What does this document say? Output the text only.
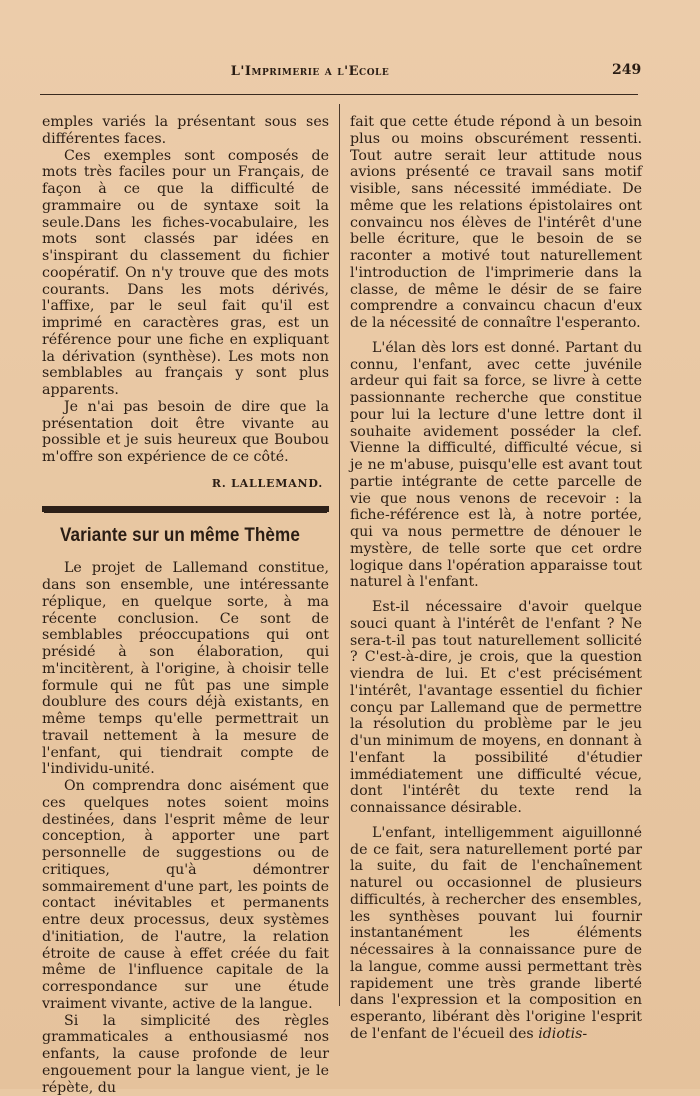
L'Imprimerie a l'Ecole	249

emples variés la présentant sous ses différentes faces.

Ces exemples sont composés de mots très faciles pour un Français, de façon à ce que la difficulté de grammaire ou de syntaxe soit la seule.Dans les fiches-vocabulaire, les mots sont classés par idées en s'inspirant du classement du fichier coopératif. On n'y trouve que des mots courants. Dans les mots dérivés, l'affixe, par le seul fait qu'il est imprimé en caractères gras, est un référence pour une fiche en expliquant la dérivation (synthèse). Les mots non semblables au français y sont plus apparents.

Je n'ai pas besoin de dire que la présentation doit être vivante au possible et je suis heureux que Boubou m'offre son expérience de ce côté.

R. LALLEMAND.
Variante sur un même Thème

Le projet de Lallemand constitue, dans son ensemble, une intéressante réplique, en quelque sorte, à ma récente conclusion. Ce sont de semblables préoccupations qui ont présidé à son élaboration, qui m'incitèrent, à l'origine, à choisir telle formule qui ne fût pas une simple doublure des cours déjà existants, en même temps qu'elle permettrait un travail nettement à la mesure de l'enfant, qui tiendrait compte de l'individu-unité.

On comprendra donc aisément que ces quelques notes soient moins destinées, dans l'esprit même de leur conception, à apporter une part personnelle de suggestions ou de critiques, qu'à démontrer sommairement d'une part, les points de contact inévitables et permanents entre deux processus, deux systèmes d'initiation, de l'autre, la relation étroite de cause à effet créée du fait même de l'influence capitale de la correspondance sur une étude vraiment vivante, active de la langue.

Si la simplicité des règles grammaticales a enthousiasmé nos enfants, la cause profonde de leur engouement pour la langue vient, je le répète, du

fait que cette étude répond à un besoin plus ou moins obscurément ressenti. Tout autre serait leur attitude nous avions présenté ce travail sans motif visible, sans nécessité immédiate. De même que les relations épistolaires ont convaincu nos élèves de l'intérêt d'une belle écriture, que le besoin de se raconter a motivé tout naturellement l'introduction de l'imprimerie dans la classe, de même le désir de se faire comprendre a convaincu chacun d'eux de la nécessité de connaître l'esperanto.

L'élan dès lors est donné. Partant du connu, l'enfant, avec cette juvénile ardeur qui fait sa force, se livre à cette passionnante recherche que constitue pour lui la lecture d'une lettre dont il souhaite avidement posséder la clef. Vienne la difficulté, difficulté vécue, si je ne m'abuse, puisqu'elle est avant tout partie intégrante de cette parcelle de vie que nous venons de recevoir : la fiche-référence est là, à notre portée, qui va nous permettre de dénouer le mystère, de telle sorte que cet ordre logique dans l'opération apparaisse tout naturel à l'enfant.

Est-il nécessaire d'avoir quelque souci quant à l'intérêt de l'enfant ? Ne sera-t-il pas tout naturellement sollicité ? C'est-à-dire, je crois, que la question viendra de lui. Et c'est précisément l'intérêt, l'avantage essentiel du fichier conçu par Lallemand que de permettre la résolution du problème par le jeu d'un minimum de moyens, en donnant à l'enfant la possibilité d'étudier immédiatement une difficulté vécue, dont l'intérêt du texte rend la connaissance désirable.

L'enfant, intelligemment aiguillonné de ce fait, sera naturellement porté par la suite, du fait de l'enchaînement naturel ou occasionnel de plusieurs difficultés, à rechercher des ensembles, les synthèses pouvant lui fournir instantanément les éléments nécessaires à la connaissance pure de la langue, comme aussi permettant très rapidement une très grande liberté dans l'expression et la composition en esperanto, libérant dès l'origine l'esprit de l'enfant de l'écueil des idiotis-
